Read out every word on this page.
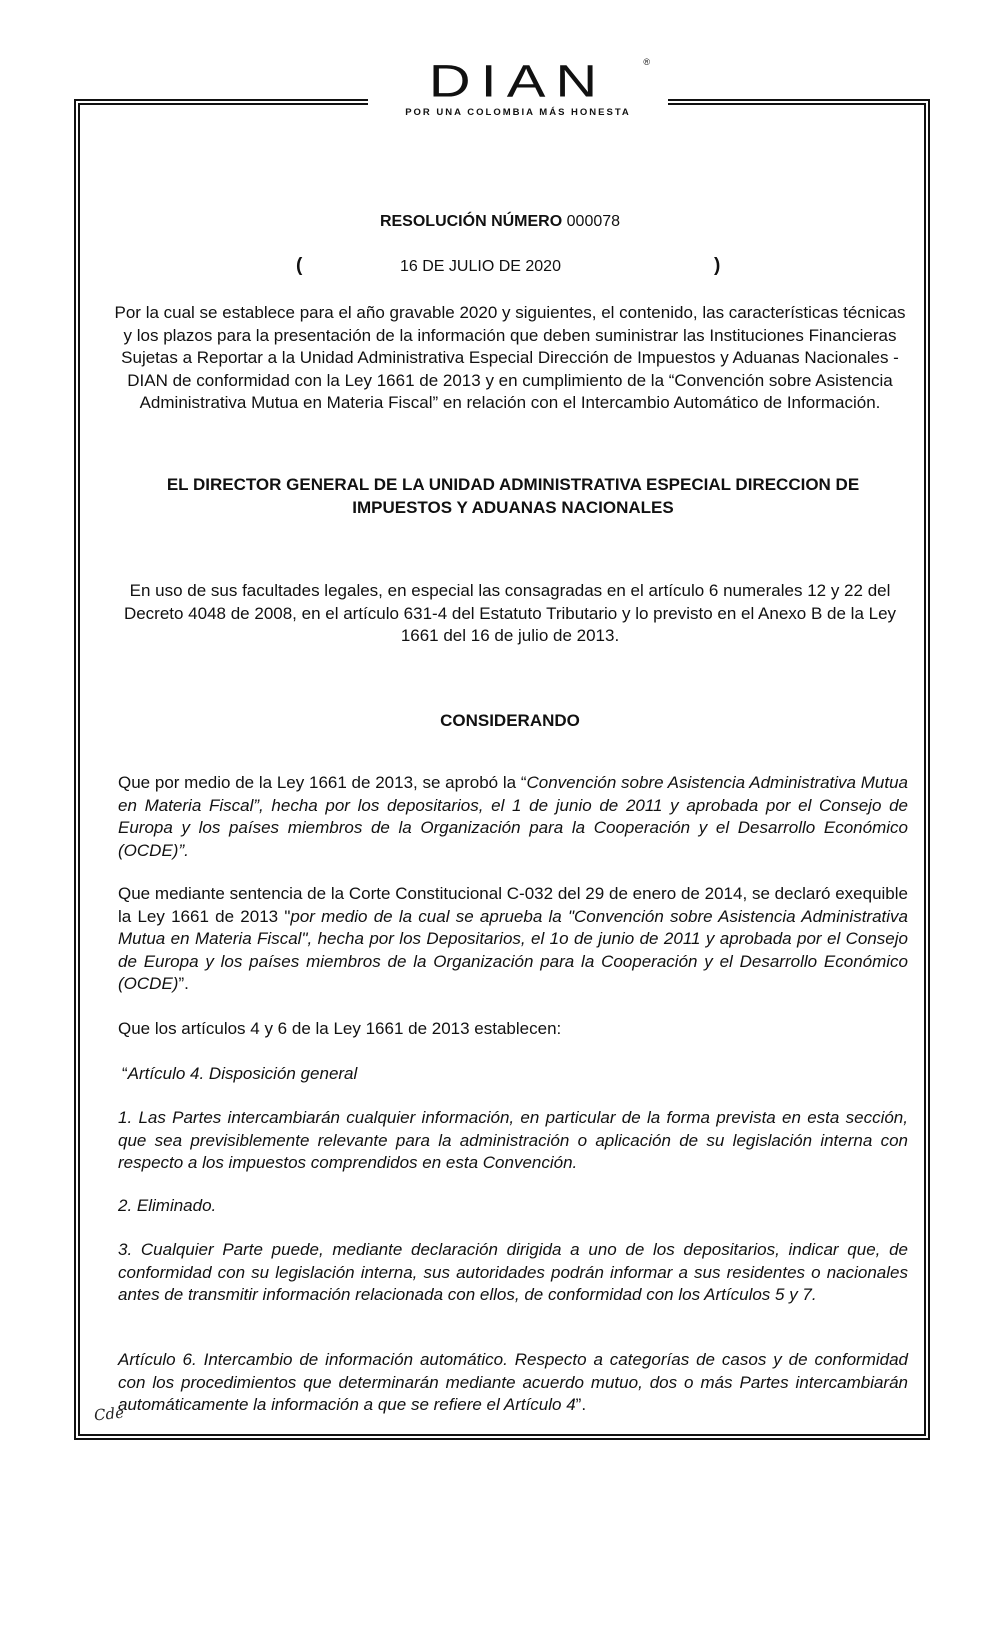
DIAN	®
POR UNA COLOMBIA MÁS HONESTA
RESOLUCIÓN NÚMERO 000078
(	16 DE JULIO DE 2020	)
Por la cual se establece para el año gravable 2020 y siguientes, el contenido, las características técnicas y los plazos para la presentación de la información que deben suministrar las Instituciones Financieras Sujetas a Reportar a la Unidad Administrativa Especial Dirección de Impuestos y Aduanas Nacionales - DIAN de conformidad con la Ley 1661 de 2013 y en cumplimiento de la “Convención sobre Asistencia Administrativa Mutua en Materia Fiscal” en relación con el Intercambio Automático de Información.
EL DIRECTOR GENERAL DE LA UNIDAD ADMINISTRATIVA ESPECIAL DIRECCION DE IMPUESTOS Y ADUANAS NACIONALES
En uso de sus facultades legales, en especial las consagradas en el artículo 6 numerales 12 y 22 del Decreto 4048 de 2008, en el artículo 631-4 del Estatuto Tributario y lo previsto en el Anexo B de la Ley 1661 del 16 de julio de 2013.
CONSIDERANDO
Que por medio de la Ley 1661 de 2013, se aprobó la “Convención sobre Asistencia Administrativa Mutua en Materia Fiscal”, hecha por los depositarios, el 1 de junio de 2011 y aprobada por el Consejo de Europa y los países miembros de la Organización para la Cooperación y el Desarrollo Económico (OCDE)”.
Que mediante sentencia de la Corte Constitucional C-032 del 29 de enero de 2014, se declaró exequible la Ley 1661 de 2013 "por medio de la cual se aprueba la "Convención sobre Asistencia Administrativa Mutua en Materia Fiscal", hecha por los Depositarios, el 1o de junio de 2011 y aprobada por el Consejo de Europa y los países miembros de la Organización para la Cooperación y el Desarrollo Económico (OCDE)”.
Que los artículos 4 y 6 de la Ley 1661 de 2013 establecen:
“Artículo 4. Disposición general
1. Las Partes intercambiarán cualquier información, en particular de la forma prevista en esta sección, que sea previsiblemente relevante para la administración o aplicación de su legislación interna con respecto a los impuestos comprendidos en esta Convención.
2. Eliminado.
3. Cualquier Parte puede, mediante declaración dirigida a uno de los depositarios, indicar que, de conformidad con su legislación interna, sus autoridades podrán informar a sus residentes o nacionales antes de transmitir información relacionada con ellos, de conformidad con los Artículos 5 y 7.
Artículo 6. Intercambio de información automático. Respecto a categorías de casos y de conformidad con los procedimientos que determinarán mediante acuerdo mutuo, dos o más Partes intercambiarán automáticamente la información a que se refiere el Artículo 4”.
Cde
